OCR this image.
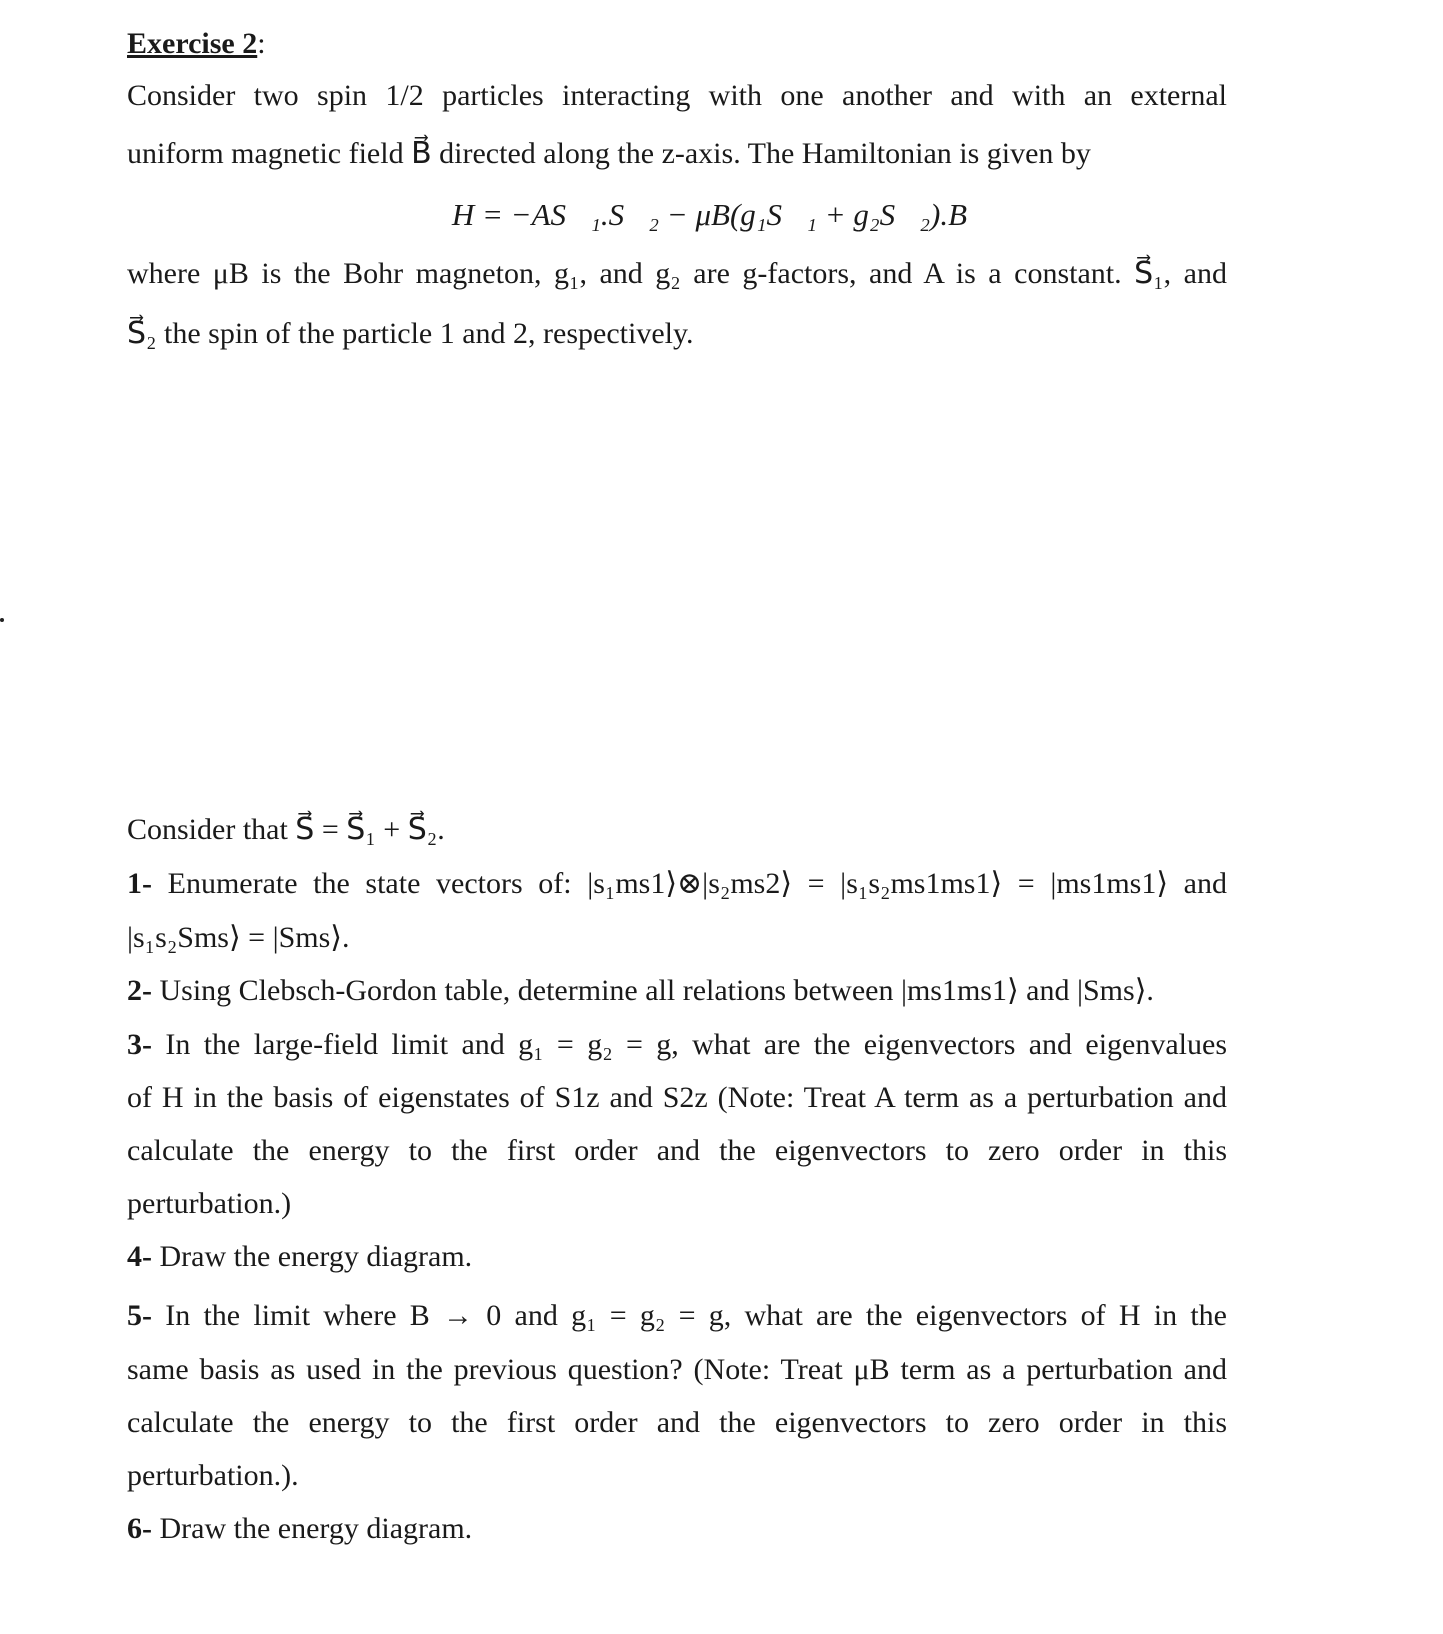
Exercise 2:
Consider two spin 1/2 particles interacting with one another and with an external
uniform magnetic field B⃗ directed along the z-axis. The Hamiltonian is given by
H = −AS⃗₁.S⃗₂ − μB(g₁S⃗₁ + g₂S⃗₂).B⃗
where μB is the Bohr magneton, g₁, and g₂ are g-factors, and A is a constant. S⃗₁, and
S⃗₂ the spin of the particle 1 and 2, respectively.
Consider that S⃗ = S⃗₁ + S⃗₂.
1- Enumerate the state vectors of: |s₁ms1⟩⊗|s₂ms2⟩ = |s₁s₂ms1ms1⟩ = |ms1ms1⟩ and
|s₁s₂Sms⟩ = |Sms⟩.
2- Using Clebsch-Gordon table, determine all relations between |ms1ms1⟩ and |Sms⟩.
3- In the large-field limit and g₁ = g₂ = g, what are the eigenvectors and eigenvalues
of H in the basis of eigenstates of S1z and S2z (Note: Treat A term as a perturbation and
calculate the energy to the first order and the eigenvectors to zero order in this
perturbation.)
4- Draw the energy diagram.
5- In the limit where B → 0 and g₁ = g₂ = g, what are the eigenvectors of H in the
same basis as used in the previous question? (Note: Treat μB term as a perturbation and
calculate the energy to the first order and the eigenvectors to zero order in this
perturbation.).
6- Draw the energy diagram.
